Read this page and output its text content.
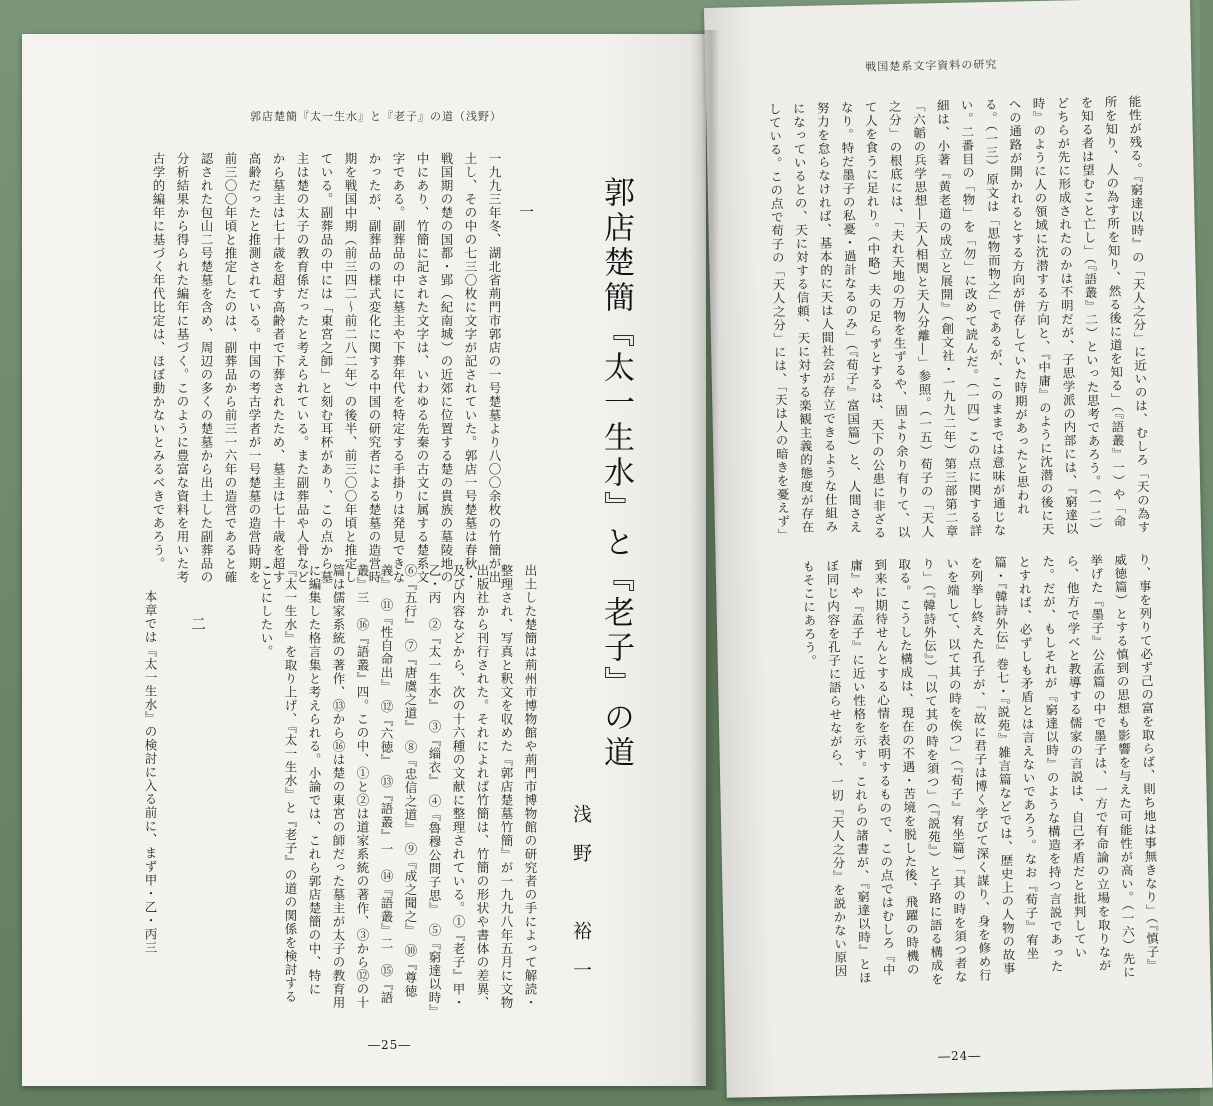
郭店楚簡『太一生水』と『老子』の道（浅野）
郭店楚簡『太一生水』と『老子』の道
浅野　裕一
一
一九九三年冬、湖北省荊門市郭店の一号楚墓より八〇〇余枚の竹簡が出土し、その中の七三〇枚に文字が記されていた。郭店一号楚墓は春秋・戦国期の楚の国都・郢（紀南城）の近郊に位置する楚の貴族の墓陵地の中にあり、竹簡に記された文字は、いわゆる先秦の古文に属する楚系文字である。副葬品の中に墓主や下葬年代を特定する手掛りは発見できなかったが、副葬品の様式変化に関する中国の研究者による楚墓の造営時期を戦国中期（前三四二〜前二八二年）の後半、前三〇〇年頃と推定している。副葬品の中には「東宮之師」と刻む耳杯があり、この点から墓主は楚の太子の教育係だったと考えられている。また副葬品や人骨などから墓主は七十歳を超す高齢者で下葬されたため、墓主は七十歳を超す高齢だったと推測されている。中国の考古学者が一号楚墓の造営時期を前三〇〇年頃と推定したのは、副葬品から前三一六年の造営であると確認された包山二号楚墓を含め、周辺の多くの楚墓から出土した副葬品の分析結果から得られた編年に基づく。このように豊富な資料を用いた考古学的編年に基づく年代比定は、ほぼ動かないとみるべきであろう。
出土した楚簡は荊州市博物館や荊門市博物館の研究者の手によって解読・整理され、写真と釈文を収めた『郭店楚墓竹簡』が一九九八年五月に文物出版社から刊行された。それによれば竹簡は、竹簡の形状や書体の差異、及び内容などから、次の十六種の文献に整理されている。①『老子』甲・乙・丙　②『太一生水』　③『緇衣』　④『魯穆公問子思』　⑤『窮達以時』　⑥『五行』　⑦『唐虞之道』　⑧『忠信之道』　⑨『成之聞之』　⑩『尊徳義』　⑪『性自命出』　⑫『六徳』　⑬『語叢』一　⑭『語叢』二　⑮『語叢』三　⑯『語叢』四。この中、①と②は道家系統の著作、③から⑫の十篇は儒家系統の著作、⑬から⑯は楚の東宮の師だった墓主が太子の教育用に編集した格言集と考えられる。小論では、これら郭店楚簡の中、特に『太一生水』を取り上げ、『太一生水』と『老子』の道の関係を検討することにしたい。
二
本章では『太一生水』の検討に入る前に、まず甲・乙・丙三
―25―
戦国楚系文字資料の研究
能性が残る。『窮達以時』の「天人之分」に近いのは、むしろ「天の為す所を知り、人の為す所を知り、然る後に道を知る」（『語叢』一）や「命を知る者は望むこと亡し」（『語叢』二）といった思考であろう。（一二）どちらが先に形成されたのかは不明だが、子思学派の内部には、『窮達以時』のように人の領域に沈潜する方向と、『中庸』のように沈潜の後に天への通路が開かれるとする方向が併存していた時期があったと思われる。（一三）原文は「思物而物之」であるが、このままでは意味が通じない。二番目の「物」を「勿」に改めて読んだ。（一四）この点に関する詳細は、小著『黄老道の成立と展開』（創文社・一九九二年）第三部第二章「六韜の兵学思想―天人相関と天人分離―」参照。（一五）荀子の「天人之分」の根底には、「夫れ天地の万物を生ずるや、固より余り有りて、以て人を食うに足れり。（中略）夫の足らずとするは、天下の公患に非ざるなり。特だ墨子の私憂・過計なるのみ」（『荀子』富国篇）と、人間さえ努力を怠らなければ、基本的に天は人間社会が存立できるような仕組みになっているとの、天に対する信頼、天に対する楽観主義的態度が存在している。この点で荀子の「天人之分」には、「天は人の暗きを憂えず」
り、事を列りて必ず己の富を取らば、則ち地は事無きなり」（『慎子』威徳篇）とする慎到の思想も影響を与えた可能性が高い。（一六）先に挙げた『墨子』公孟篇の中で墨子は、一方で有命論の立場を取りながら、他方で学べと教導する儒家の言説は、自己矛盾だと批判していた。だが、もしそれが『窮達以時』のような構造を持つ言説であったとすれば、必ずしも矛盾とは言えないであろう。なお『荀子』宥坐篇・『韓詩外伝』巻七・『説苑』雑言篇などでは、歴史上の人物の故事を列挙し終えた孔子が、「故に君子は博く学びて深く謀り、身を修め行いを端して、以て其の時を俟つ」（『荀子』宥坐篇）「其の時を須つ者なり」（『韓詩外伝』）「以て其の時を須つ」（『説苑』）と子路に語る構成を取る。こうした構成は、現在の不遇・苦境を脱した後、飛躍の時機の到来に期待せんとする心情を表明するもので、この点ではむしろ『中庸』や『孟子』に近い性格を示す。これらの諸書が、『窮達以時』とほぼ同じ内容を孔子に語らせながら、一切『天人之分』を説かない原因もそこにあろう。
―24―
